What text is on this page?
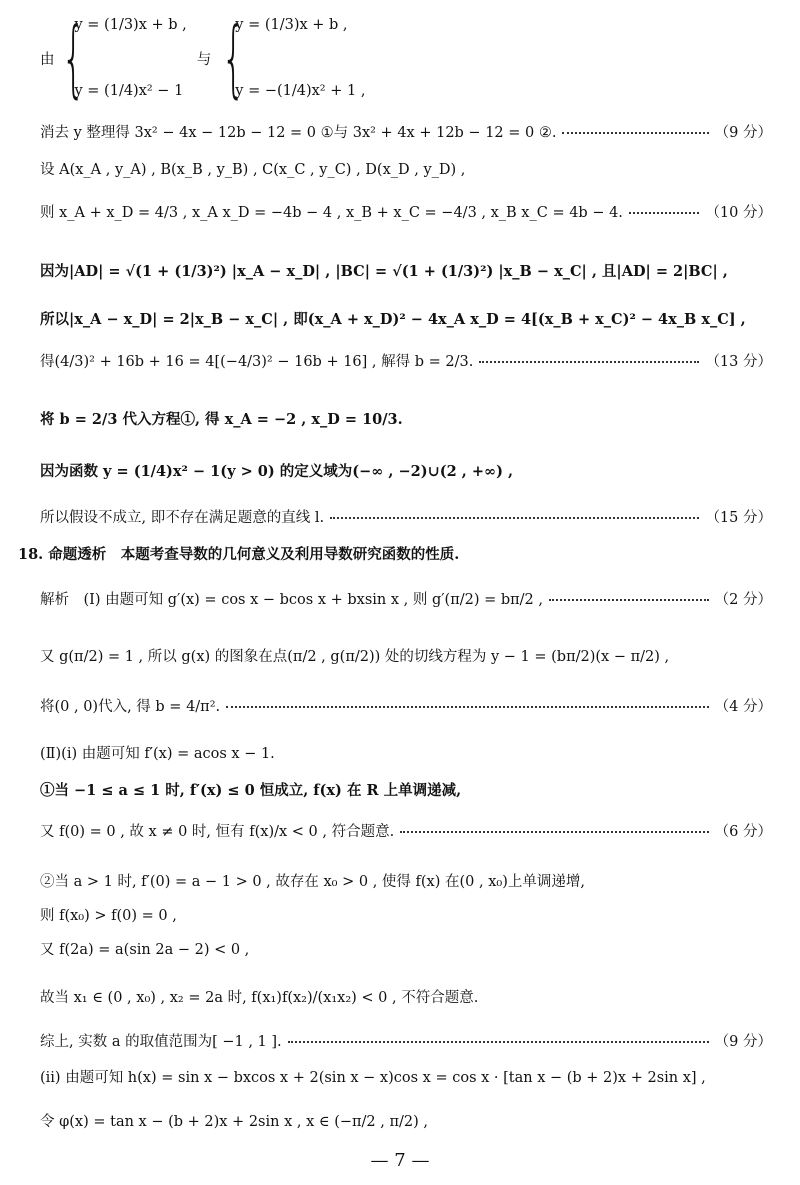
由 {
y = (1/3)x + b ,
y = (1/4)x² − 1
与 {
y = (1/3)x + b ,
y = −(1/4)x² + 1 ,
消去 y 整理得 3x² − 4x − 12b − 12 = 0 ①与 3x² + 4x + 12b − 12 = 0 ②.	（9 分）
设 A(x_A , y_A) , B(x_B , y_B) , C(x_C , y_C) , D(x_D , y_D) ,
则 x_A + x_D = 4/3 , x_A x_D = −4b − 4 , x_B + x_C = −4/3 , x_B x_C = 4b − 4.	（10 分）
因为|AD| = √(1 + (1/3)²) |x_A − x_D| , |BC| = √(1 + (1/3)²) |x_B − x_C| , 且|AD| = 2|BC| ,
所以|x_A − x_D| = 2|x_B − x_C| , 即(x_A + x_D)² − 4x_A x_D = 4[(x_B + x_C)² − 4x_B x_C] ,
得(4/3)² + 16b + 16 = 4[(−4/3)² − 16b + 16] , 解得 b = 2/3.	（13 分）
将 b = 2/3 代入方程①, 得 x_A = −2 , x_D = 10/3.
因为函数 y = (1/4)x² − 1(y > 0) 的定义域为(−∞ , −2)∪(2 , +∞) ,
所以假设不成立, 即不存在满足题意的直线 l.	（15 分）
18. 命题透析　本题考查导数的几何意义及利用导数研究函数的性质.
解析　(Ⅰ) 由题可知 g′(x) = cos x − bcos x + bxsin x , 则 g′(π/2) = bπ/2 ,	（2 分）
又 g(π/2) = 1 , 所以 g(x) 的图象在点(π/2 , g(π/2)) 处的切线方程为 y − 1 = (bπ/2)(x − π/2) ,
将(0 , 0)代入, 得 b = 4/π².	（4 分）
(Ⅱ)(ⅰ) 由题可知 f′(x) = acos x − 1.
①当 −1 ≤ a ≤ 1 时, f′(x) ≤ 0 恒成立, f(x) 在 R 上单调递减,
又 f(0) = 0 , 故 x ≠ 0 时, 恒有 f(x)/x < 0 , 符合题意.	（6 分）
②当 a > 1 时, f′(0) = a − 1 > 0 , 故存在 x₀ > 0 , 使得 f(x) 在(0 , x₀)上单调递增,
则 f(x₀) > f(0) = 0 ,
又 f(2a) = a(sin 2a − 2) < 0 ,
故当 x₁ ∈ (0 , x₀) , x₂ = 2a 时, f(x₁)f(x₂)/(x₁x₂) < 0 , 不符合题意.
综上, 实数 a 的取值范围为[ −1 , 1 ].	（9 分）
(ⅱ) 由题可知 h(x) = sin x − bxcos x + 2(sin x − x)cos x = cos x · [tan x − (b + 2)x + 2sin x] ,
令 φ(x) = tan x − (b + 2)x + 2sin x , x ∈ (−π/2 , π/2) ,
— 7 —
